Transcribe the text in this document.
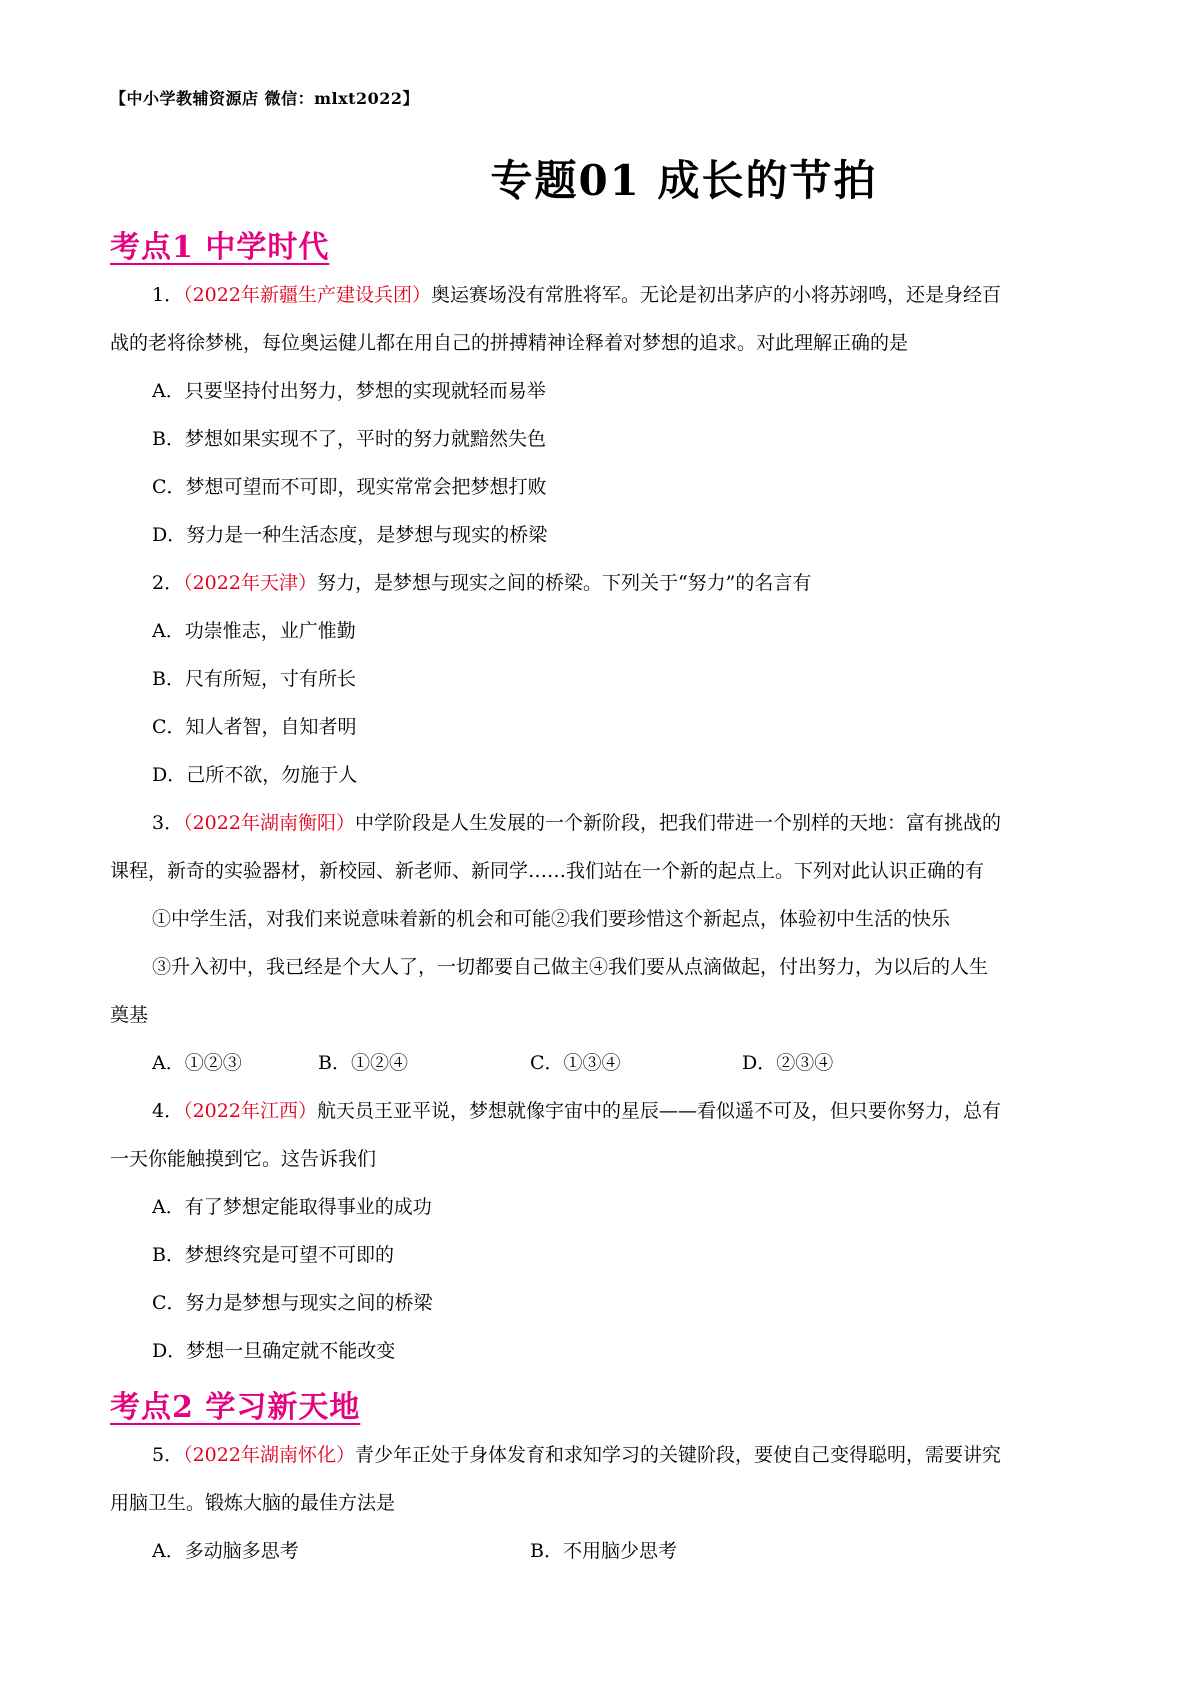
【中小学教辅资源店 微信：mlxt2022】
专题01 成长的节拍
考点1 中学时代
1．（2022年新疆生产建设兵团）奥运赛场没有常胜将军。无论是初出茅庐的小将苏翊鸣，还是身经百
战的老将徐梦桃，每位奥运健儿都在用自己的拼搏精神诠释着对梦想的追求。对此理解正确的是
A．只要坚持付出努力，梦想的实现就轻而易举
B．梦想如果实现不了，平时的努力就黯然失色
C．梦想可望而不可即，现实常常会把梦想打败
D．努力是一种生活态度，是梦想与现实的桥梁
2．（2022年天津）努力，是梦想与现实之间的桥梁。下列关于“努力”的名言有
A．功崇惟志，业广惟勤
B．尺有所短，寸有所长
C．知人者智，自知者明
D．己所不欲，勿施于人
3．（2022年湖南衡阳）中学阶段是人生发展的一个新阶段，把我们带进一个别样的天地：富有挑战的
课程，新奇的实验器材，新校园、新老师、新同学……我们站在一个新的起点上。下列对此认识正确的有
①中学生活，对我们来说意味着新的机会和可能②我们要珍惜这个新起点，体验初中生活的快乐
③升入初中，我已经是个大人了，一切都要自己做主④我们要从点滴做起，付出努力，为以后的人生
奠基
A．①②③	B．①②④	C．①③④	D．②③④
4．（2022年江西）航天员王亚平说，梦想就像宇宙中的星辰——看似遥不可及，但只要你努力，总有
一天你能触摸到它。这告诉我们
A．有了梦想定能取得事业的成功
B．梦想终究是可望不可即的
C．努力是梦想与现实之间的桥梁
D．梦想一旦确定就不能改变
考点2 学习新天地
5．（2022年湖南怀化）青少年正处于身体发育和求知学习的关键阶段，要使自己变得聪明，需要讲究
用脑卫生。锻炼大脑的最佳方法是
A．多动脑多思考	B．不用脑少思考
